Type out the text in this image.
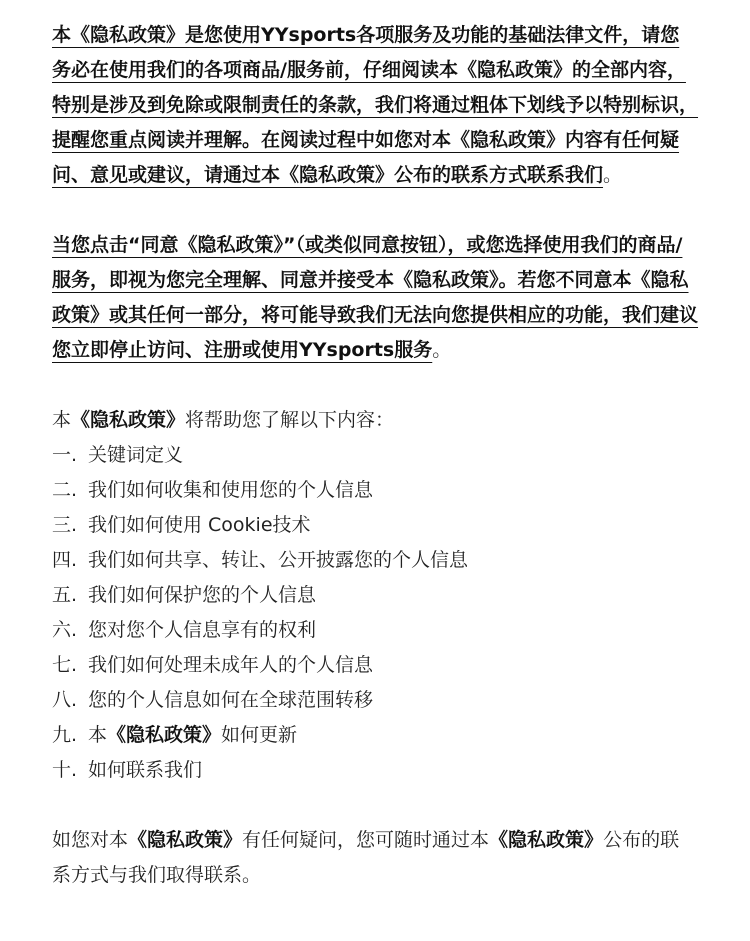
本《隐私政策》是您使用YYsports各项服务及功能的基础法律文件，请您务必在使用我们的各项商品/服务前，仔细阅读本《隐私政策》的全部内容，特别是涉及到免除或限制责任的条款，我们将通过粗体下划线予以特别标识，提醒您重点阅读并理解。在阅读过程中如您对本《隐私政策》内容有任何疑问、意见或建议，请通过本《隐私政策》公布的联系方式联系我们。

当您点击“同意《隐私政策》”（或类似同意按钮），或您选择使用我们的商品/服务，即视为您完全理解、同意并接受本《隐私政策》。若您不同意本《隐私政策》或其任何一部分，将可能导致我们无法向您提供相应的功能，我们建议您立即停止访问、注册或使用YYsports服务。

本《隐私政策》将帮助您了解以下内容：

一. 关键词定义
二. 我们如何收集和使用您的个人信息
三. 我们如何使用 Cookie技术
四. 我们如何共享、转让、公开披露您的个人信息
五. 我们如何保护您的个人信息
六. 您对您个人信息享有的权利
七. 我们如何处理未成年人的个人信息
八. 您的个人信息如何在全球范围转移
九. 本《隐私政策》如何更新
十. 如何联系我们

如您对本《隐私政策》有任何疑问，您可随时通过本《隐私政策》公布的联系方式与我们取得联系。
